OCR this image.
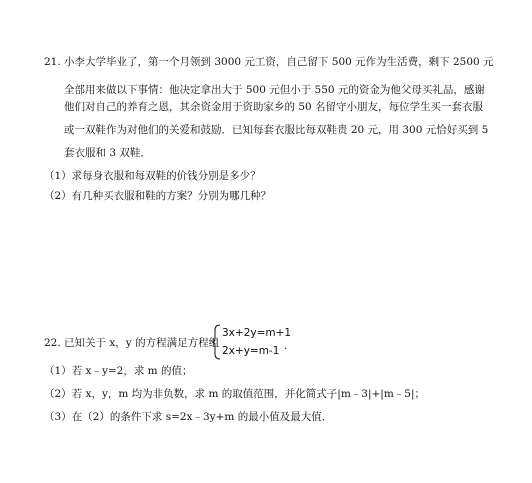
21. 小李大学毕业了，第一个月领到 3000 元工资，自己留下 500 元作为生活费，剩下 2500 元
全部用来做以下事情：他决定拿出大于 500 元但小于 550 元的资金为他父母买礼品，感谢
他们对自己的养育之恩，其余资金用于资助家乡的 50 名留守小朋友，每位学生买一套衣服
或一双鞋作为对他们的关爱和鼓励．已知每套衣服比每双鞋贵 20 元，用 300 元恰好买到 5
套衣服和 3 双鞋．
（1）求每身衣服和每双鞋的价钱分别是多少？
（2）有几种买衣服和鞋的方案？分别为哪几种？
22. 已知关于 x，y 的方程满足方程组
3x+2y=m+1
2x+y=m-1 .
（1）若 x﹣y=2，求 m 的值；
（2）若 x，y，m 均为非负数，求 m 的取值范围，并化简式子|m﹣3|+|m﹣5|；
（3）在（2）的条件下求 s=2x﹣3y+m 的最小值及最大值．
